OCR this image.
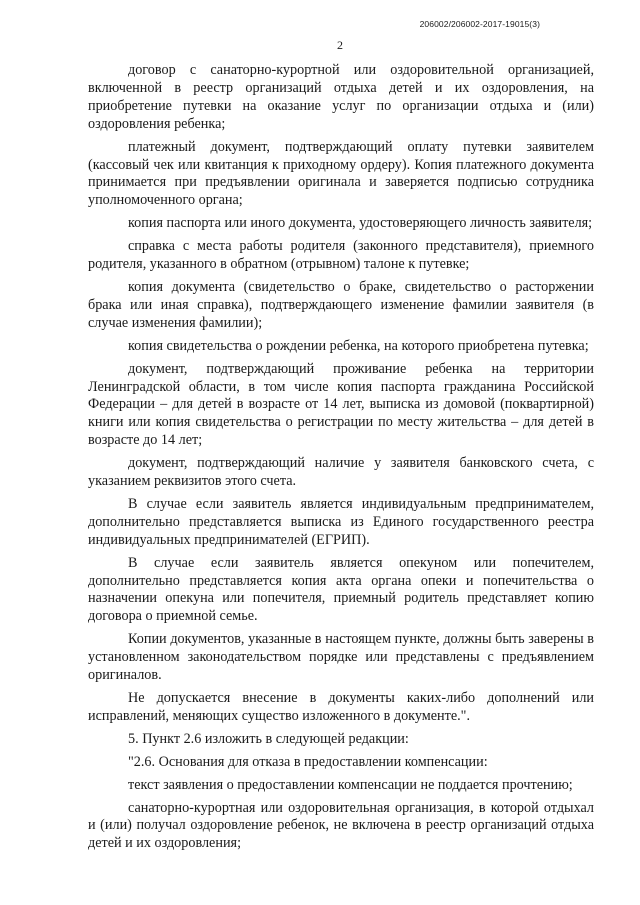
206002/206002-2017-19015(3)
2

договор с санаторно-курортной или оздоровительной организацией, включенной в реестр организаций отдыха детей и их оздоровления, на приобретение путевки на оказание услуг по организации отдыха и (или) оздоровления ребенка;

платежный документ, подтверждающий оплату путевки заявителем (кассовый чек или квитанция к приходному ордеру). Копия платежного документа принимается при предъявлении оригинала и заверяется подписью сотрудника уполномоченного органа;

копия паспорта или иного документа, удостоверяющего личность заявителя;

справка с места работы родителя (законного представителя), приемного родителя, указанного в обратном (отрывном) талоне к путевке;

копия документа (свидетельство о браке, свидетельство о расторжении брака или иная справка), подтверждающего изменение фамилии заявителя (в случае изменения фамилии);

копия свидетельства о рождении ребенка, на которого приобретена путевка;

документ, подтверждающий проживание ребенка на территории Ленинградской области, в том числе копия паспорта гражданина Российской Федерации – для детей в возрасте от 14 лет, выписка из домовой (поквартирной) книги или копия свидетельства о регистрации по месту жительства – для детей в возрасте до 14 лет;

документ, подтверждающий наличие у заявителя банковского счета, с указанием реквизитов этого счета.

В случае если заявитель является индивидуальным предпринимателем, дополнительно представляется выписка из Единого государственного реестра индивидуальных предпринимателей (ЕГРИП).

В случае если заявитель является опекуном или попечителем, дополнительно представляется копия акта органа опеки и попечительства о назначении опекуна или попечителя, приемный родитель представляет копию договора о приемной семье.

Копии документов, указанные в настоящем пункте, должны быть заверены в установленном законодательством порядке или представлены с предъявлением оригиналов.

Не допускается внесение в документы каких-либо дополнений или исправлений, меняющих существо изложенного в документе.".

5. Пункт 2.6 изложить в следующей редакции:

"2.6. Основания для отказа в предоставлении компенсации:

текст заявления о предоставлении компенсации не поддается прочтению;

санаторно-курортная или оздоровительная организация, в которой отдыхал и (или) получал оздоровление ребенок, не включена в реестр организаций отдыха детей и их оздоровления;
